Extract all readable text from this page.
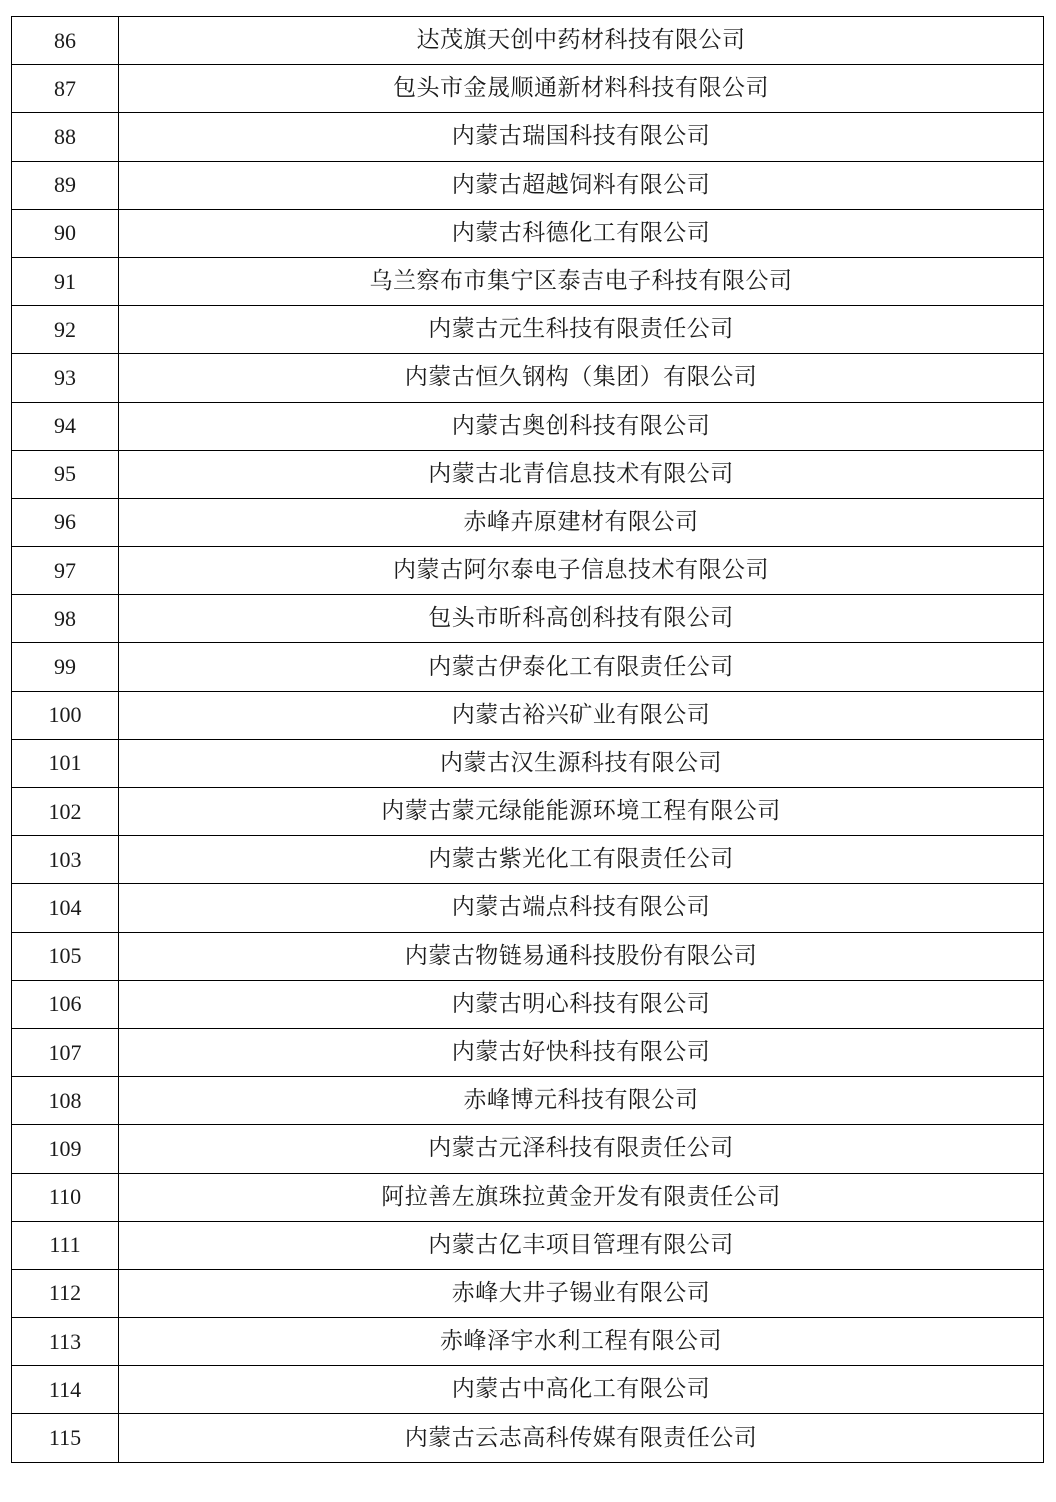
86	达茂旗天创中药材科技有限公司
87	包头市金晟顺通新材料科技有限公司
88	内蒙古瑞国科技有限公司
89	内蒙古超越饲料有限公司
90	内蒙古科德化工有限公司
91	乌兰察布市集宁区泰吉电子科技有限公司
92	内蒙古元生科技有限责任公司
93	内蒙古恒久钢构（集团）有限公司
94	内蒙古奥创科技有限公司
95	内蒙古北青信息技术有限公司
96	赤峰卉原建材有限公司
97	内蒙古阿尔泰电子信息技术有限公司
98	包头市昕科高创科技有限公司
99	内蒙古伊泰化工有限责任公司
100	内蒙古裕兴矿业有限公司
101	内蒙古汉生源科技有限公司
102	内蒙古蒙元绿能能源环境工程有限公司
103	内蒙古紫光化工有限责任公司
104	内蒙古端点科技有限公司
105	内蒙古物链易通科技股份有限公司
106	内蒙古明心科技有限公司
107	内蒙古好快科技有限公司
108	赤峰博元科技有限公司
109	内蒙古元泽科技有限责任公司
110	阿拉善左旗珠拉黄金开发有限责任公司
111	内蒙古亿丰项目管理有限公司
112	赤峰大井子锡业有限公司
113	赤峰泽宇水利工程有限公司
114	内蒙古中高化工有限公司
115	内蒙古云志高科传媒有限责任公司
